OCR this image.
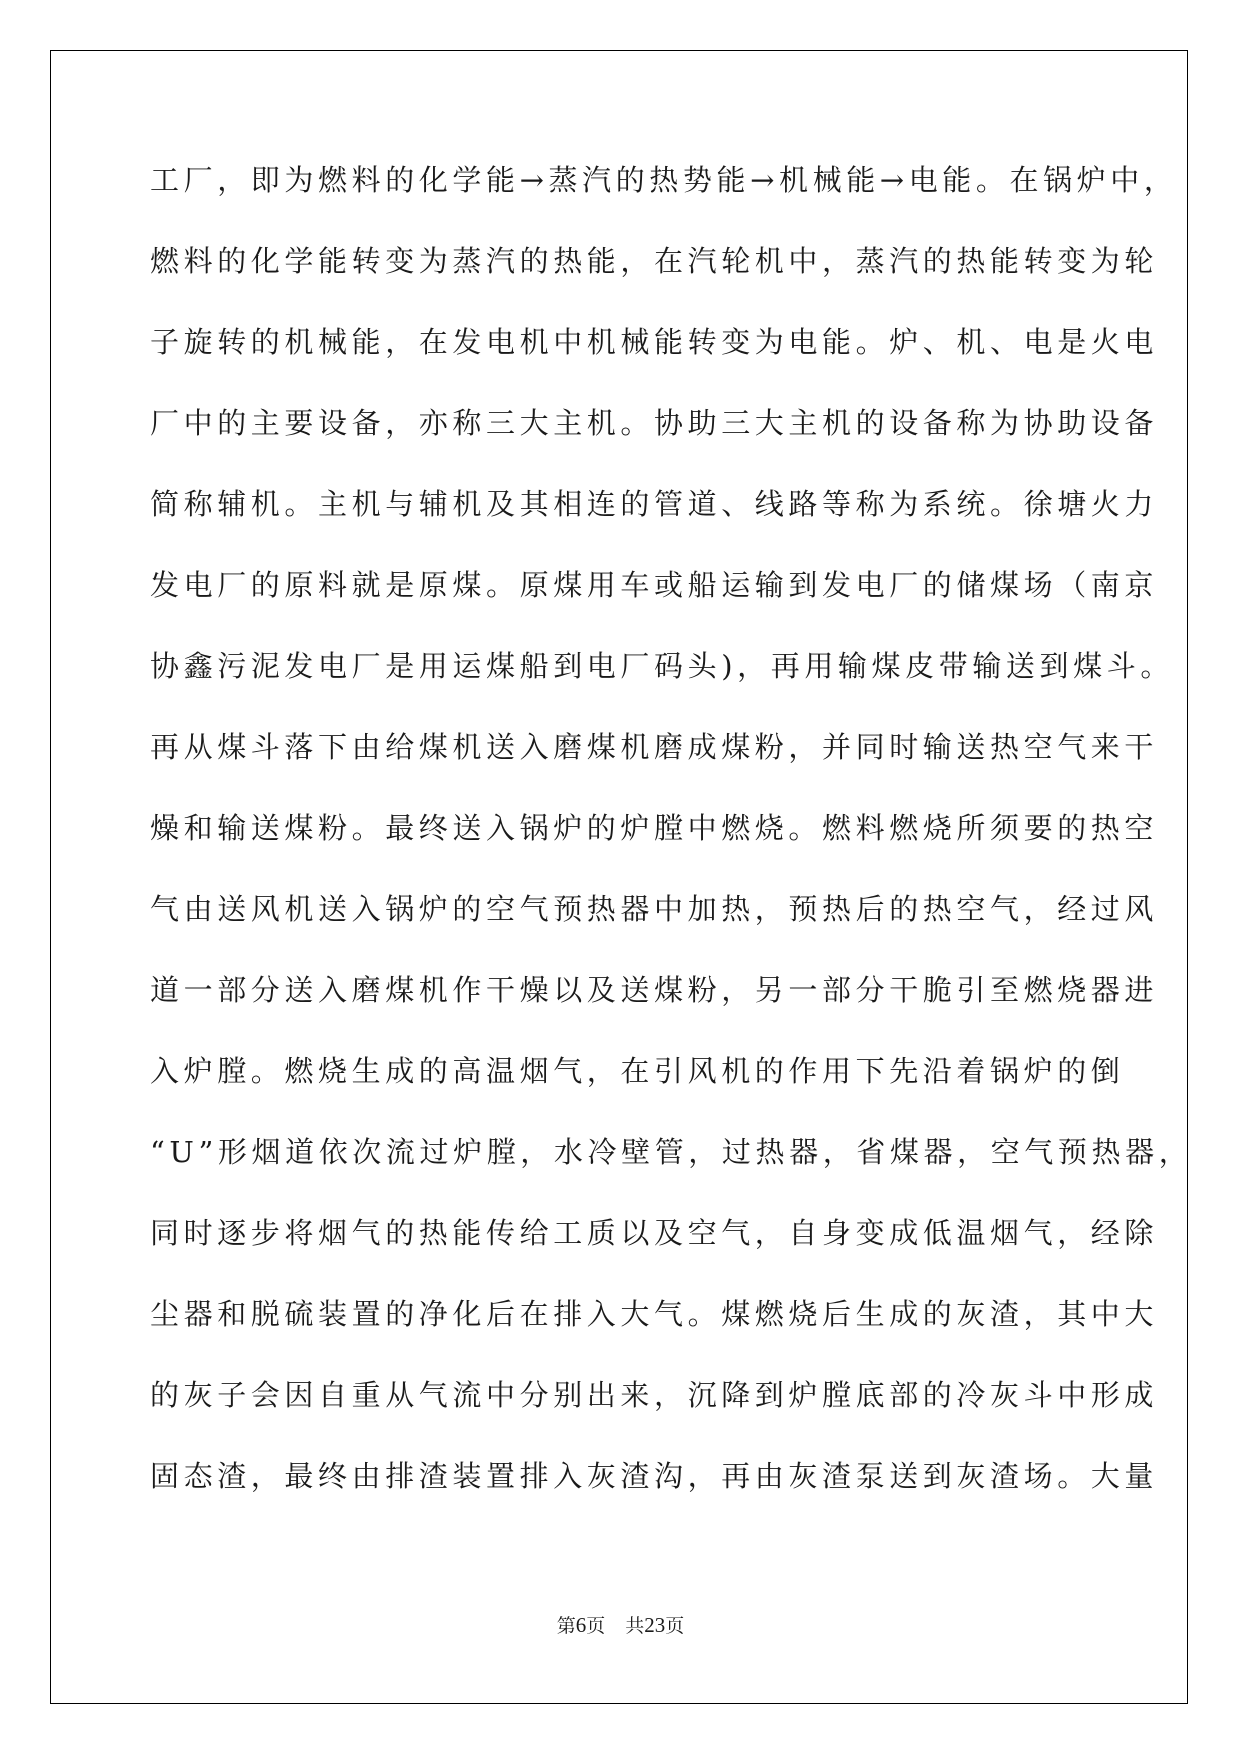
工厂，即为燃料的化学能→蒸汽的热势能→机械能→电能。在锅炉中，
燃料的化学能转变为蒸汽的热能，在汽轮机中，蒸汽的热能转变为轮
子旋转的机械能，在发电机中机械能转变为电能。炉、机、电是火电
厂中的主要设备，亦称三大主机。协助三大主机的设备称为协助设备
简称辅机。主机与辅机及其相连的管道、线路等称为系统。徐塘火力
发电厂的原料就是原煤。原煤用车或船运输到发电厂的储煤场（南京
协鑫污泥发电厂是用运煤船到电厂码头)，再用输煤皮带输送到煤斗。
再从煤斗落下由给煤机送入磨煤机磨成煤粉，并同时输送热空气来干
燥和输送煤粉。最终送入锅炉的炉膛中燃烧。燃料燃烧所须要的热空
气由送风机送入锅炉的空气预热器中加热，预热后的热空气，经过风
道一部分送入磨煤机作干燥以及送煤粉，另一部分干脆引至燃烧器进
入炉膛。燃烧生成的高温烟气，在引风机的作用下先沿着锅炉的倒
“U”形烟道依次流过炉膛，水冷壁管，过热器，省煤器，空气预热器，
同时逐步将烟气的热能传给工质以及空气，自身变成低温烟气，经除
尘器和脱硫装置的净化后在排入大气。煤燃烧后生成的灰渣，其中大
的灰子会因自重从气流中分别出来，沉降到炉膛底部的冷灰斗中形成
固态渣，最终由排渣装置排入灰渣沟，再由灰渣泵送到灰渣场。大量
第6页 共23页
